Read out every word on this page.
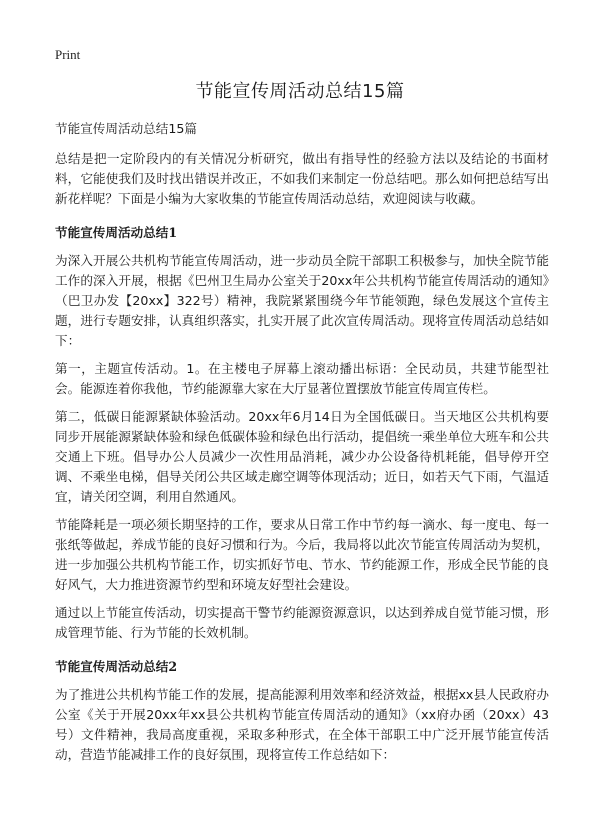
Print
节能宣传周活动总结15篇

节能宣传周活动总结15篇

总结是把一定阶段内的有关情况分析研究，做出有指导性的经验方法以及结论的书面材料，它能使我们及时找出错误并改正，不如我们来制定一份总结吧。那么如何把总结写出新花样呢？下面是小编为大家收集的节能宣传周活动总结，欢迎阅读与收藏。

节能宣传周活动总结1

为深入开展公共机构节能宣传周活动，进一步动员全院干部职工积极参与，加快全院节能工作的深入开展，根据《巴州卫生局办公室关于20xx年公共机构节能宣传周活动的通知》（巴卫办发【20xx】322号）精神，我院紧紧围绕今年节能领跑，绿色发展这个宣传主题，进行专题安排，认真组织落实，扎实开展了此次宣传周活动。现将宣传周活动总结如下：

第一，主题宣传活动。1。在主楼电子屏幕上滚动播出标语：全民动员，共建节能型社会。能源连着你我他，节约能源靠大家在大厅显著位置摆放节能宣传周宣传栏。

第二，低碳日能源紧缺体验活动。20xx年6月14日为全国低碳日。当天地区公共机构要同步开展能源紧缺体验和绿色低碳体验和绿色出行活动，提倡统一乘坐单位大班车和公共交通上下班。倡导办公人员减少一次性用品消耗，减少办公设备待机耗能，倡导停开空调、不乘坐电梯，倡导关闭公共区域走廊空调等体现活动；近日，如若天气下雨，气温适宜，请关闭空调，利用自然通风。

节能降耗是一项必须长期坚持的工作，要求从日常工作中节约每一滴水、每一度电、每一张纸等做起，养成节能的良好习惯和行为。今后，我局将以此次节能宣传周活动为契机，进一步加强公共机构节能工作，切实抓好节电、节水、节约能源工作，形成全民节能的良好风气，大力推进资源节约型和环境友好型社会建设。

通过以上节能宣传活动，切实提高干警节约能源资源意识，以达到养成自觉节能习惯，形成管理节能、行为节能的长效机制。

节能宣传周活动总结2

为了推进公共机构节能工作的发展，提高能源利用效率和经济效益，根据xx县人民政府办公室《关于开展20xx年xx县公共机构节能宣传周活动的通知》（xx府办函（20xx）43号）文件精神，我局高度重视，采取多种形式，在全体干部职工中广泛开展节能宣传活动，营造节能减排工作的良好氛围，现将宣传工作总结如下：
